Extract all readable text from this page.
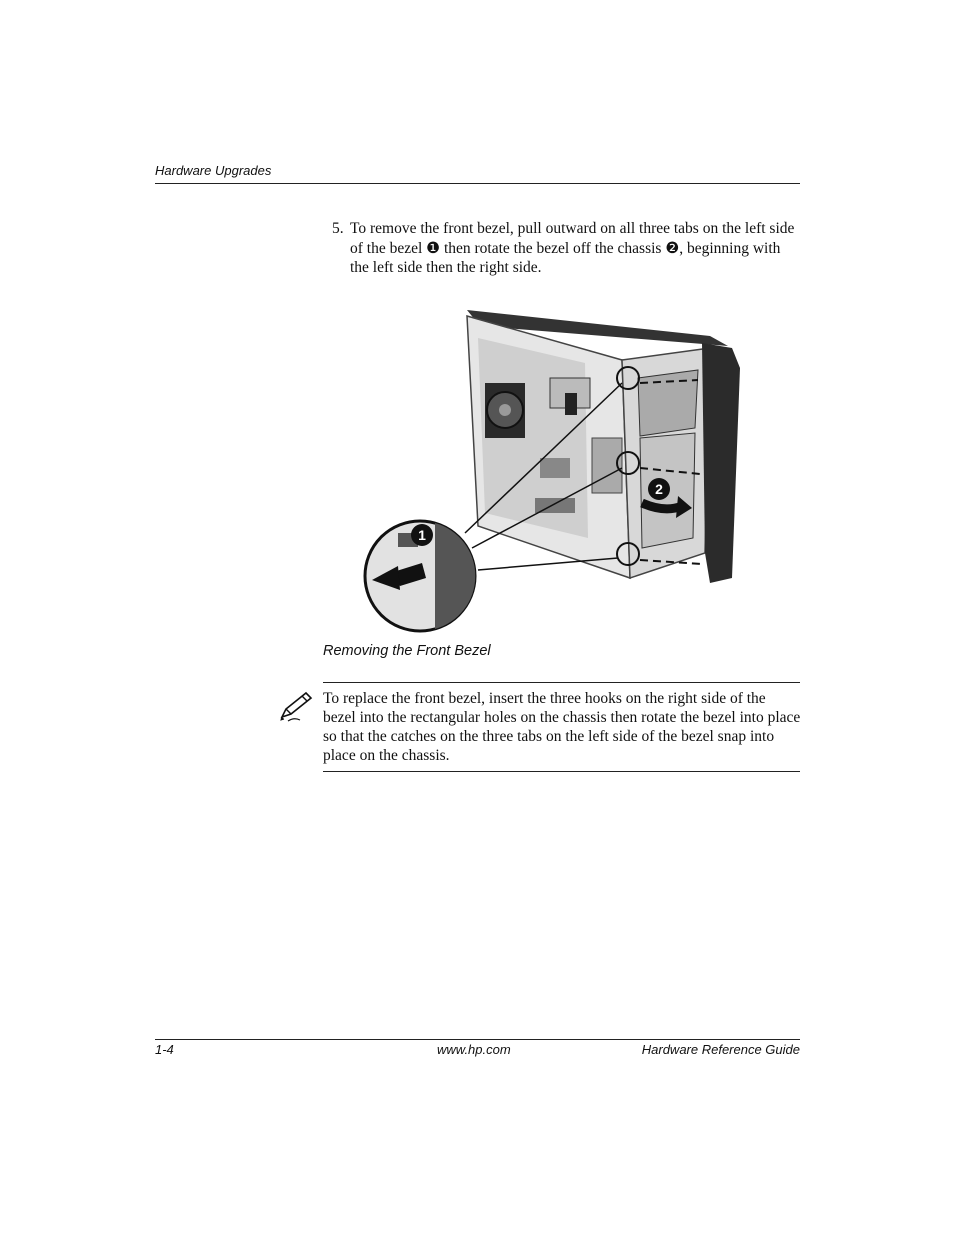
Hardware Upgrades
5. To remove the front bezel, pull outward on all three tabs on the left side of the bezel ❶ then rotate the bezel off the chassis ❷, beginning with the left side then the right side.
1
2
Removing the Front Bezel
To replace the front bezel, insert the three hooks on the right side of the bezel into the rectangular holes on the chassis then rotate the bezel into place so that the catches on the three tabs on the left side of the bezel snap into place on the chassis.
1-4	www.hp.com	Hardware Reference Guide
